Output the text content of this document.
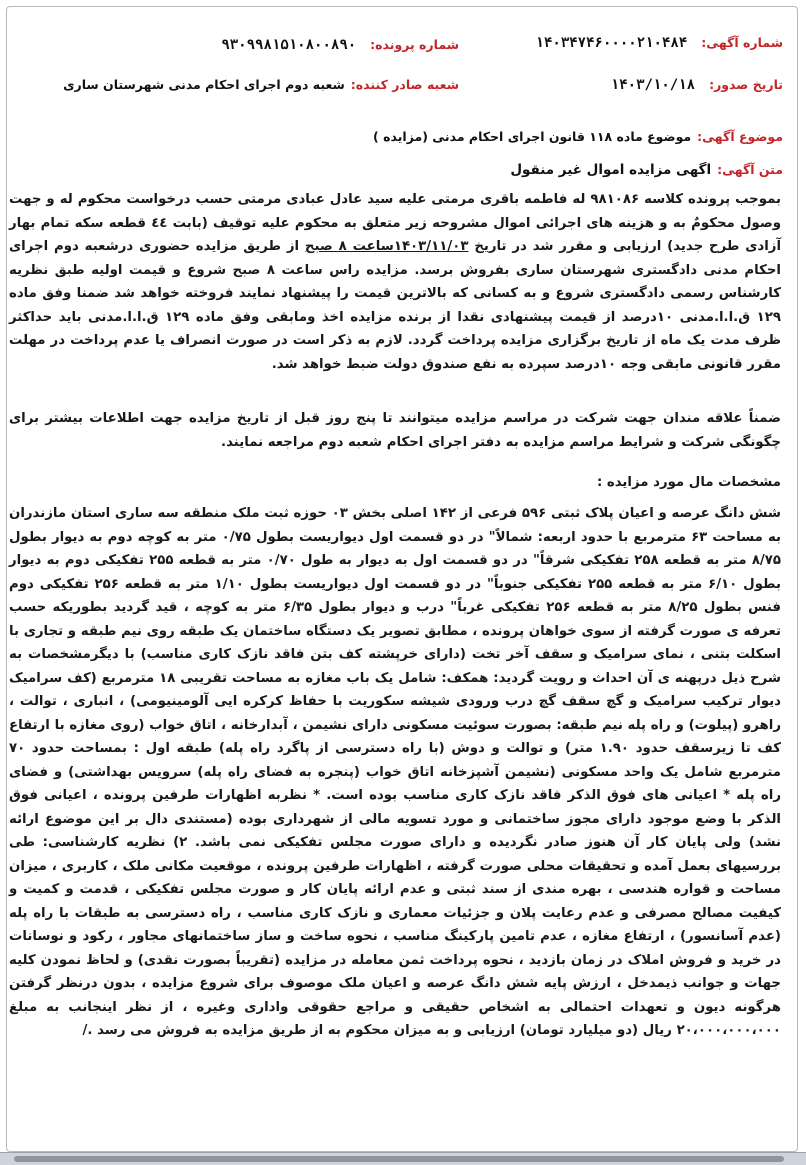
شماره آگهی:
۱۴۰۳۴۷۴۶۰۰۰۰۲۱۰۴۸۴
شماره پرونده:
۹۳۰۹۹۸۱۵۱۰۸۰۰۸۹۰
تاریخ صدور:
۱۴۰۳/۱۰/۱۸
شعبه صادر کننده:
شعبه دوم اجرای احکام مدنی شهرستان ساری
موضوع آگهی:
موضوع ماده ۱۱۸ قانون اجرای احکام مدنی (مزایده )
متن آگهی:
اگهی مزایده اموال غیر منقول

بموجب پرونده کلاسه ۹۸۱۰۸۶ له فاطمه باقری مرمتی علیه سید عادل عبادی مرمتی حسب درخواست محکوم له و جهت وصول محکومٌ به و هزینه های اجرائی اموال مشروحه زیر متعلق به محکوم علیه توقیف (بابت ٤٤ قطعه سکه تمام بهار آزادی طرح جدید) ارزیابی و مقرر شد در تاریخ ۱۴۰۳/۱۱/۰۳ساعت ۸ صبح از طریق مزایده حضوری درشعبه دوم اجرای احکام مدنی دادگستری شهرستان ساری بفروش برسد. مزایده راس ساعت ۸ صبح شروع و قیمت اولیه طبق نظریه کارشناس رسمی دادگستری شروع و به کسانی که بالاترین قیمت را پیشنهاد نمایند فروخته خواهد شد ضمنا وفق ماده ۱۲۹ ق.ا.ا.مدنی ۱۰درصد از قیمت پیشنهادی نقدا از برنده مزایده اخذ ومابقی وفق ماده ۱۲۹ ق.ا.ا.مدنی باید حداکثر ظرف مدت یک ماه از تاریخ برگزاری مزایده پرداخت گردد. لازم به ذکر است در صورت انصراف یا عدم پرداخت در مهلت مقرر قانونی مابقی وجه ۱۰درصد سپرده به نفع صندوق دولت ضبط خواهد شد.

ضمناً علاقه مندان جهت شرکت در مراسم مزایده میتوانند تا پنج روز قبل از تاریخ مزایده جهت اطلاعات بیشتر برای چگونگی شرکت و شرایط مراسم مزایده به دفتر اجرای احکام شعبه دوم مراجعه نمایند.

مشخصات مال مورد مزایده :

شش دانگ عرصه و اعیان پلاک ثبتی ۵۹۶ فرعی از ۱۴۲ اصلی بخش ۰۳ حوزه ثبت ملک منطقه سه ساری استان مازندران به مساحت ۶۳ مترمربع با حدود اربعه: شمالاً" در دو قسمت اول دیواریست بطول ۰/۷۵ متر به کوچه دوم به دیوار بطول ۸/۷۵ متر به قطعه ۲۵۸ تفکیکی شرقاً" در دو قسمت اول به دیوار به طول ۰/۷۰ متر به قطعه ۲۵۵ تفکیکی دوم به دیوار بطول ۶/۱۰ متر به قطعه ۲۵۵ تفکیکی جنوباً" در دو قسمت اول دیواریست بطول ۱/۱۰ متر به قطعه ۲۵۶ تفکیکی دوم فنس بطول ۸/۲۵ متر به قطعه ۲۵۶ تفکیکی غرباً" درب و دیوار بطول ۶/۳۵ متر به کوچه ، قید گردید بطوریکه حسب تعرفه ی صورت گرفته از سوی خواهان پرونده ، مطابق تصویر یک دستگاه ساختمان یک طبقه روی نیم طبقه و تجاری با اسکلت بتنی ، نمای سرامیک و سقف آخر تخت (دارای خرپشته کف بتن فاقد نازک کاری مناسب) با دیگرمشخصات به شرح ذیل درپهنه ی آن احداث و رویت گردید: همکف: شامل یک باب مغازه به مساحت تقریبی ۱۸ مترمربع (کف سرامیک دیوار ترکیب سرامیک و گچ سقف گچ درب ورودی شیشه سکوریت با حفاظ کرکره ایی آلومینیومی) ، انباری ، توالت ، راهرو (پیلوت) و راه پله نیم طبقه: بصورت سوئیت مسکونی دارای نشیمن ، آبدارخانه ، اتاق خواب (روی مغازه با ارتفاع کف تا زیرسقف حدود ۱.۹۰ متر) و توالت و دوش (با راه دسترسی از پاگرد راه پله) طبقه اول : بمساحت حدود ۷۰ مترمربع شامل یک واحد مسکونی (نشیمن آشپزخانه اتاق خواب (پنجره به فضای راه پله) سرویس بهداشتی) و فضای راه پله * اعیانی های فوق الذکر فاقد نازک کاری مناسب بوده است. * نظربه اظهارات طرفین پرونده ، اعیانی فوق الذکر با وضع موجود دارای مجوز ساختمانی و مورد تسویه مالی از شهرداری بوده (مستندی دال بر این موضوع ارائه نشد) ولی پایان کار آن هنوز صادر نگردیده و دارای صورت مجلس تفکیکی نمی باشد. ۲) نظریه کارشناسی: طی بررسیهای بعمل آمده و تحقیقات محلی صورت گرفته ، اظهارات طرفین پرونده ، موقعیت مکانی ملک ، کاربری ، میزان مساحت و قواره هندسی ، بهره مندی از سند ثبتی و عدم ارائه پایان کار و صورت مجلس تفکیکی ، قدمت و کمیت و کیفیت مصالح مصرفی و عدم رعایت پلان و جزئیات معماری و نازک کاری مناسب ، راه دسترسی به طبقات با راه پله (عدم آسانسور) ، ارتفاع مغازه ، عدم تامین پارکینگ مناسب ، نحوه ساخت و ساز ساختمانهای مجاور ، رکود و نوسانات در خرید و فروش املاک در زمان بازدید ، نحوه پرداخت ثمن معامله در مزایده (تقریباً بصورت نقدی) و لحاظ نمودن کلیه جهات و جوانب ذیمدخل ، ارزش پایه شش دانگ عرصه و اعیان ملک موصوف برای شروع مزایده ، بدون درنظر گرفتن هرگونه دیون و تعهدات احتمالی به اشخاص حقیقی و مراجع حقوقی واداری وغیره ، از نظر اینجانب به مبلغ ۲۰،۰۰۰،۰۰۰،۰۰۰ ریال (دو میلیارد تومان) ارزیابی و به میزان محکوم به از طریق مزایده به فروش می رسد ./
